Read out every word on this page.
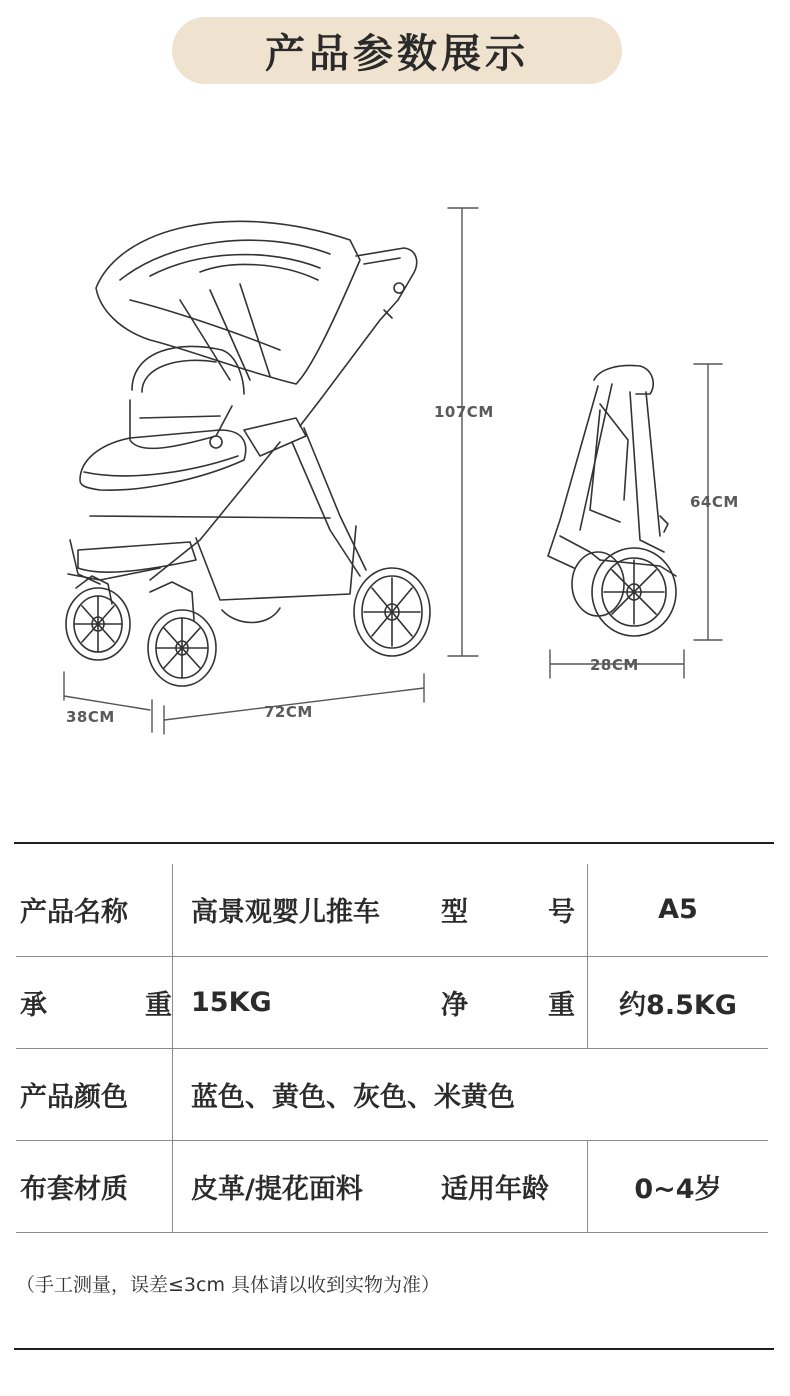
产品参数展示
107CM
64CM
28CM
38CM	72CM
产品名称	高景观婴儿推车	型号	A5
承重	15KG	净重	约8.5KG
产品颜色	蓝色、黄色、灰色、米黄色		
布套材质	皮革/提花面料	适用年龄	0~4岁
（手工测量，误差≤3cm 具体请以收到实物为准）
